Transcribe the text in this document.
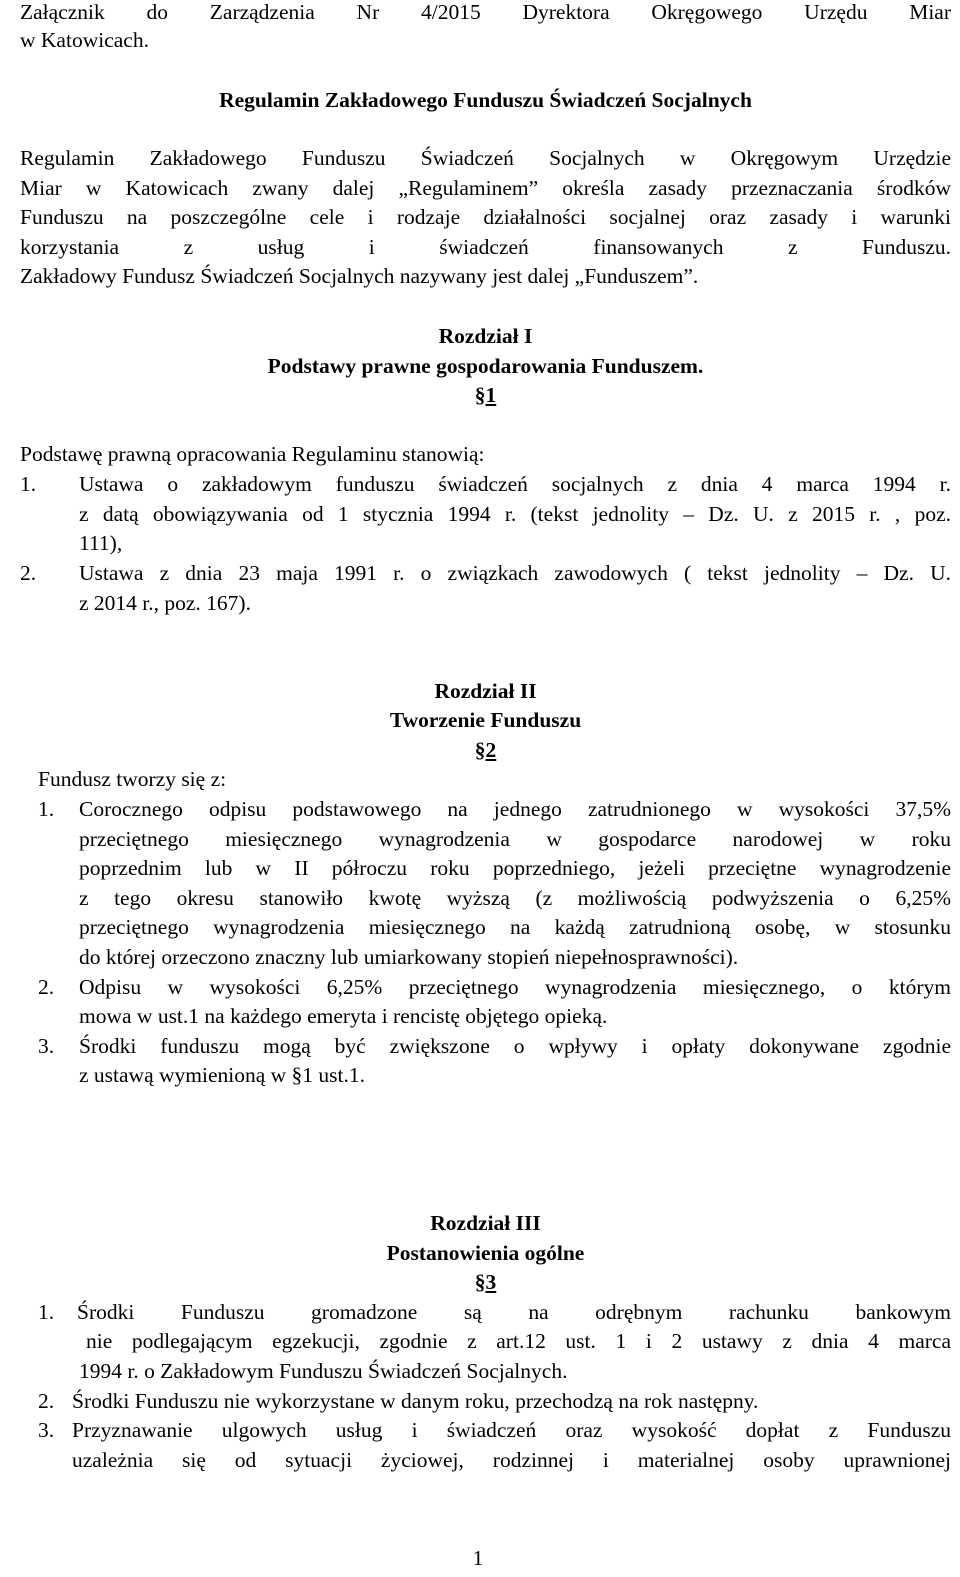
Załącznik do Zarządzenia Nr 4/2015 Dyrektora Okręgowego Urzędu Miar
w Katowicach.
Regulamin Zakładowego Funduszu Świadczeń Socjalnych
Regulamin Zakładowego Funduszu Świadczeń Socjalnych w Okręgowym Urzędzie
Miar w Katowicach zwany dalej „Regulaminem” określa zasady przeznaczania środków
Funduszu na poszczególne cele i rodzaje działalności socjalnej oraz zasady i warunki
korzystania z usług i świadczeń finansowanych z Funduszu.
Zakładowy Fundusz Świadczeń Socjalnych nazywany jest dalej „Funduszem”.
Rozdział I
Podstawy prawne gospodarowania Funduszem.
§1
Podstawę prawną opracowania Regulaminu stanowią:
1. Ustawa o zakładowym funduszu świadczeń socjalnych z dnia 4 marca 1994 r.
z datą obowiązywania od 1 stycznia 1994 r. (tekst jednolity – Dz. U. z 2015 r. , poz.
111),
2. Ustawa z dnia 23 maja 1991 r. o związkach zawodowych ( tekst jednolity – Dz. U.
z 2014 r., poz. 167).
Rozdział II
Tworzenie Funduszu
§2
Fundusz tworzy się z:
1. Corocznego odpisu podstawowego na jednego zatrudnionego w wysokości 37,5%
przeciętnego miesięcznego wynagrodzenia w gospodarce narodowej w roku
poprzednim lub w II półroczu roku poprzedniego, jeżeli przeciętne wynagrodzenie
z tego okresu stanowiło kwotę wyższą (z możliwością podwyższenia o 6,25%
przeciętnego wynagrodzenia miesięcznego na każdą zatrudnioną osobę, w stosunku
do której orzeczono znaczny lub umiarkowany stopień niepełnosprawności).
2. Odpisu w wysokości 6,25% przeciętnego wynagrodzenia miesięcznego, o którym
mowa w ust.1 na każdego emeryta i rencistę objętego opieką.
3. Środki funduszu mogą być zwiększone o wpływy i opłaty dokonywane zgodnie
z ustawą wymienioną w §1 ust.1.
Rozdział III
Postanowienia ogólne
§3
1. Środki Funduszu gromadzone są na odrębnym rachunku bankowym
nie podlegającym egzekucji, zgodnie z art.12 ust. 1 i 2 ustawy z dnia 4 marca
1994 r. o Zakładowym Funduszu Świadczeń Socjalnych.
2. Środki Funduszu nie wykorzystane w danym roku, przechodzą na rok następny.
3. Przyznawanie ulgowych usług i świadczeń oraz wysokość dopłat z Funduszu
uzależnia się od sytuacji życiowej, rodzinnej i materialnej osoby uprawnionej
1
